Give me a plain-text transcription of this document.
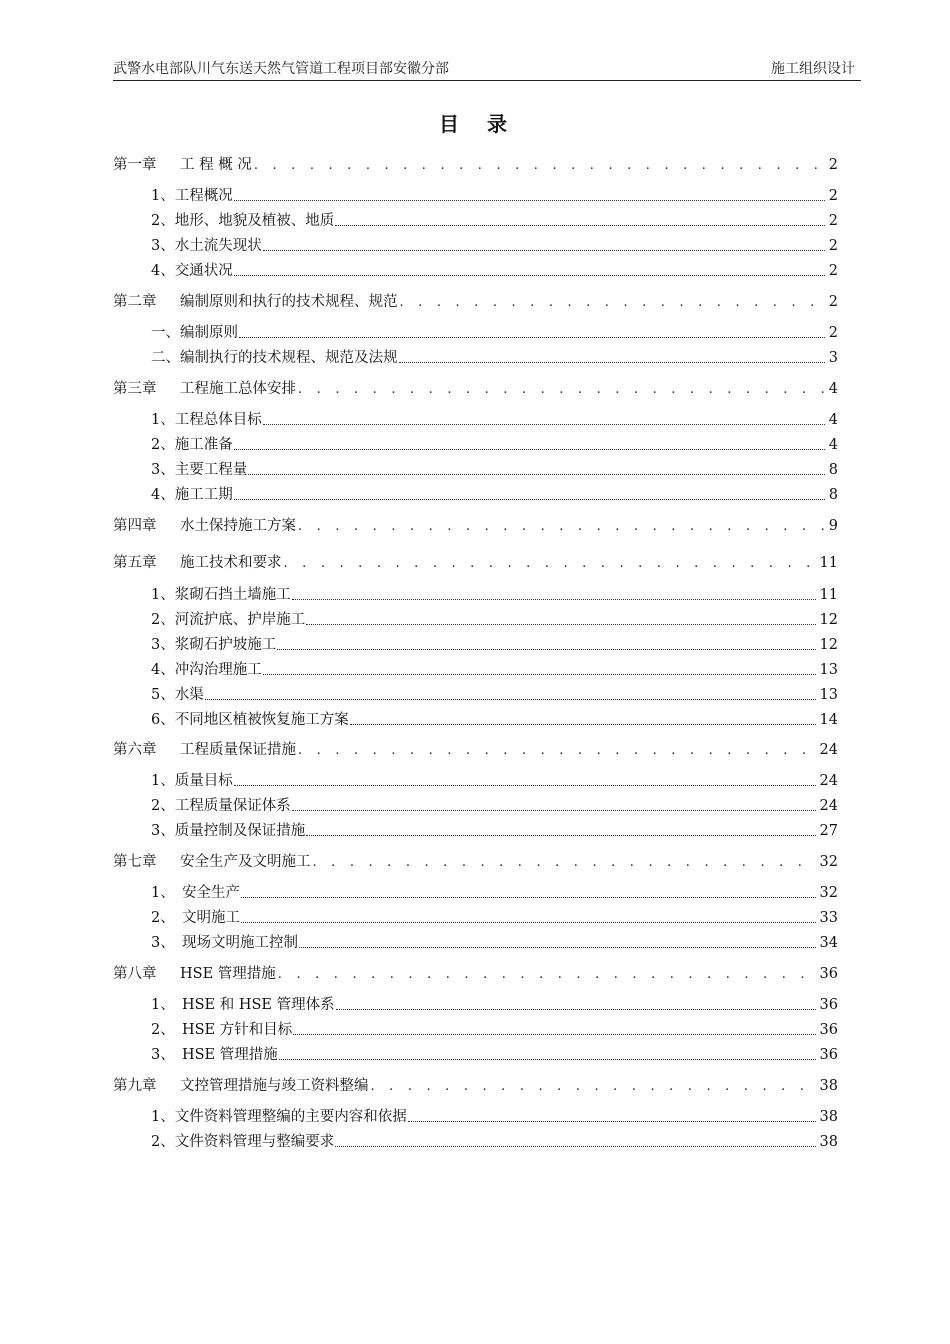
武警水电部队川气东送天然气管道工程项目部安徽分部	施工组织设计
目　录
第一章 工 程 概 况 . . .	2
1、工程概况	2
2、地形、地貌及植被、地质	2
3、水土流失现状	2
4、交通状况	2
第二章 编制原则和执行的技术规程、规范 . . .	2
一、编制原则	2
二、编制执行的技术规程、规范及法规	3
第三章 工程施工总体安排 . . .	4
1、工程总体目标	4
2、施工准备	4
3、主要工程量	8
4、施工工期	8
第四章 水土保持施工方案 . . .	9
第五章 施工技术和要求 . . .	11
1、浆砌石挡土墙施工	11
2、河流护底、护岸施工	12
3、浆砌石护坡施工	12
4、冲沟治理施工	13
5、水渠	13
6、不同地区植被恢复施工方案	14
第六章 工程质量保证措施 . . .	24
1、质量目标	24
2、工程质量保证体系	24
3、质量控制及保证措施	27
第七章 安全生产及文明施工 . . .	32
1、　安全生产	32
2、　文明施工	33
3、　现场文明施工控制	34
第八章 HSE 管理措施 . . .	36
1、　HSE 和 HSE 管理体系	36
2、　HSE 方针和目标	36
3、　HSE 管理措施	36
第九章 文控管理措施与竣工资料整编 . . .	38
1、文件资料管理整编的主要内容和依据	38
2、文件资料管理与整编要求	38
